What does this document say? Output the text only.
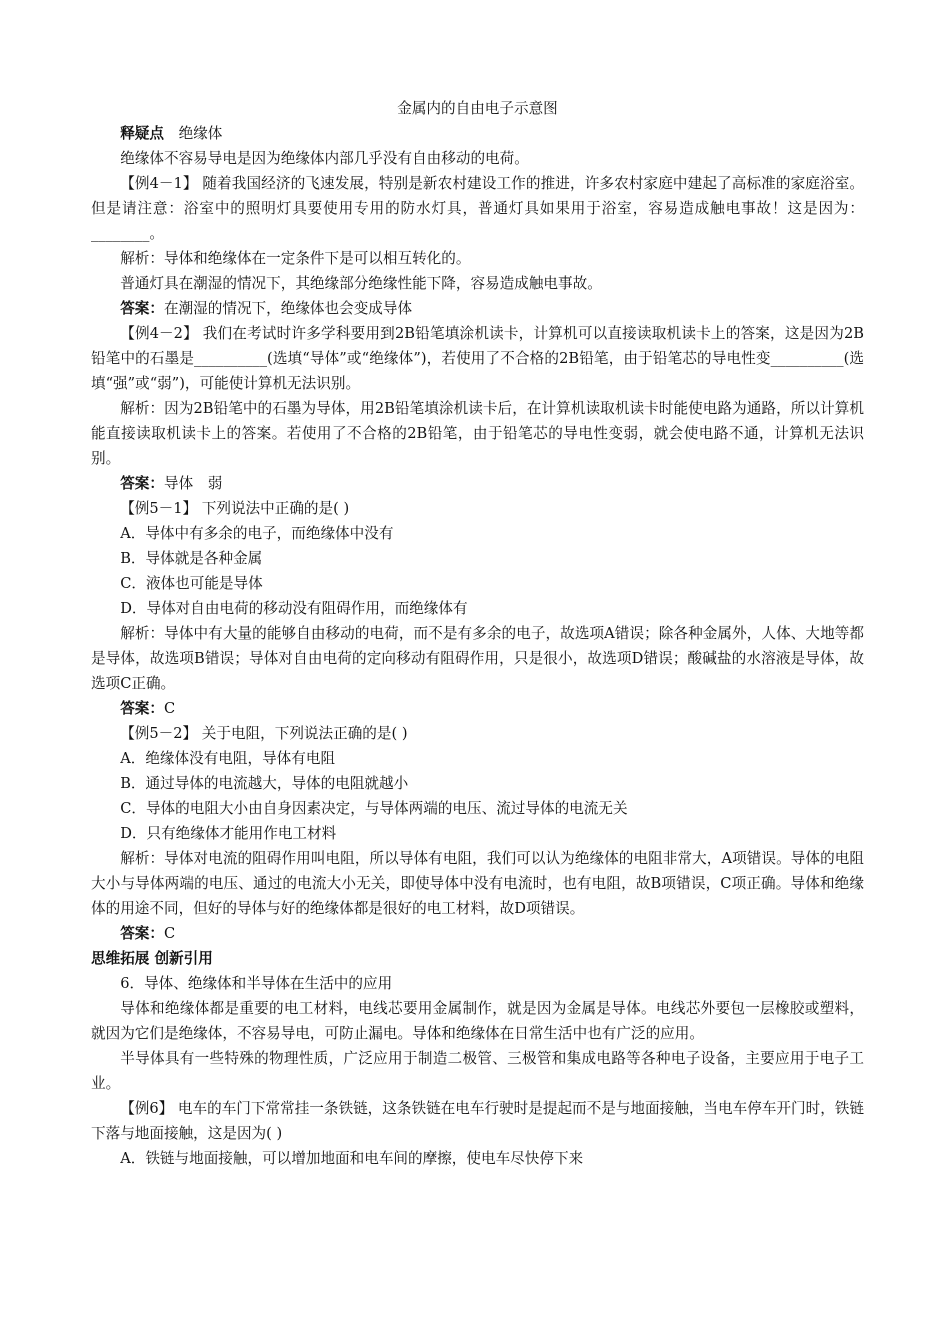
金属内的自由电子示意图
释疑点 绝缘体
绝缘体不容易导电是因为绝缘体内部几乎没有自由移动的电荷。
【例4－1】 随着我国经济的飞速发展，特别是新农村建设工作的推进，许多农村家庭中建起了高标准的家庭浴室。但是请注意：浴室中的照明灯具要使用专用的防水灯具，普通灯具如果用于浴室，容易造成触电事故！这是因为：________。
解析：导体和绝缘体在一定条件下是可以相互转化的。
普通灯具在潮湿的情况下，其绝缘部分绝缘性能下降，容易造成触电事故。
答案：在潮湿的情况下，绝缘体也会变成导体
【例4－2】 我们在考试时许多学科要用到2B铅笔填涂机读卡，计算机可以直接读取机读卡上的答案，这是因为2B铅笔中的石墨是__________(选填“导体”或“绝缘体”)，若使用了不合格的2B铅笔，由于铅笔芯的导电性变__________(选填“强”或“弱”)，可能使计算机无法识别。
解析：因为2B铅笔中的石墨为导体，用2B铅笔填涂机读卡后，在计算机读取机读卡时能使电路为通路，所以计算机能直接读取机读卡上的答案。若使用了不合格的2B铅笔，由于铅笔芯的导电性变弱，就会使电路不通，计算机无法识别。
答案：导体 弱
【例5－1】 下列说法中正确的是( )
A．导体中有多余的电子，而绝缘体中没有
B．导体就是各种金属
C．液体也可能是导体
D．导体对自由电荷的移动没有阻碍作用，而绝缘体有
解析：导体中有大量的能够自由移动的电荷，而不是有多余的电子，故选项A错误；除各种金属外，人体、大地等都是导体，故选项B错误；导体对自由电荷的定向移动有阻碍作用，只是很小，故选项D错误；酸碱盐的水溶液是导体，故选项C正确。
答案：C
【例5－2】 关于电阻，下列说法正确的是( )
A．绝缘体没有电阻，导体有电阻
B．通过导体的电流越大，导体的电阻就越小
C．导体的电阻大小由自身因素决定，与导体两端的电压、流过导体的电流无关
D．只有绝缘体才能用作电工材料
解析：导体对电流的阻碍作用叫电阻，所以导体有电阻，我们可以认为绝缘体的电阻非常大，A项错误。导体的电阻大小与导体两端的电压、通过的电流大小无关，即使导体中没有电流时，也有电阻，故B项错误，C项正确。导体和绝缘体的用途不同，但好的导体与好的绝缘体都是很好的电工材料，故D项错误。
答案：C
思维拓展 创新引用
6．导体、绝缘体和半导体在生活中的应用
导体和绝缘体都是重要的电工材料，电线芯要用金属制作，就是因为金属是导体。电线芯外要包一层橡胶或塑料，就因为它们是绝缘体，不容易导电，可防止漏电。导体和绝缘体在日常生活中也有广泛的应用。
半导体具有一些特殊的物理性质，广泛应用于制造二极管、三极管和集成电路等各种电子设备，主要应用于电子工业。
【例6】 电车的车门下常常挂一条铁链，这条铁链在电车行驶时是提起而不是与地面接触，当电车停车开门时，铁链下落与地面接触，这是因为( )
A．铁链与地面接触，可以增加地面和电车间的摩擦，使电车尽快停下来
